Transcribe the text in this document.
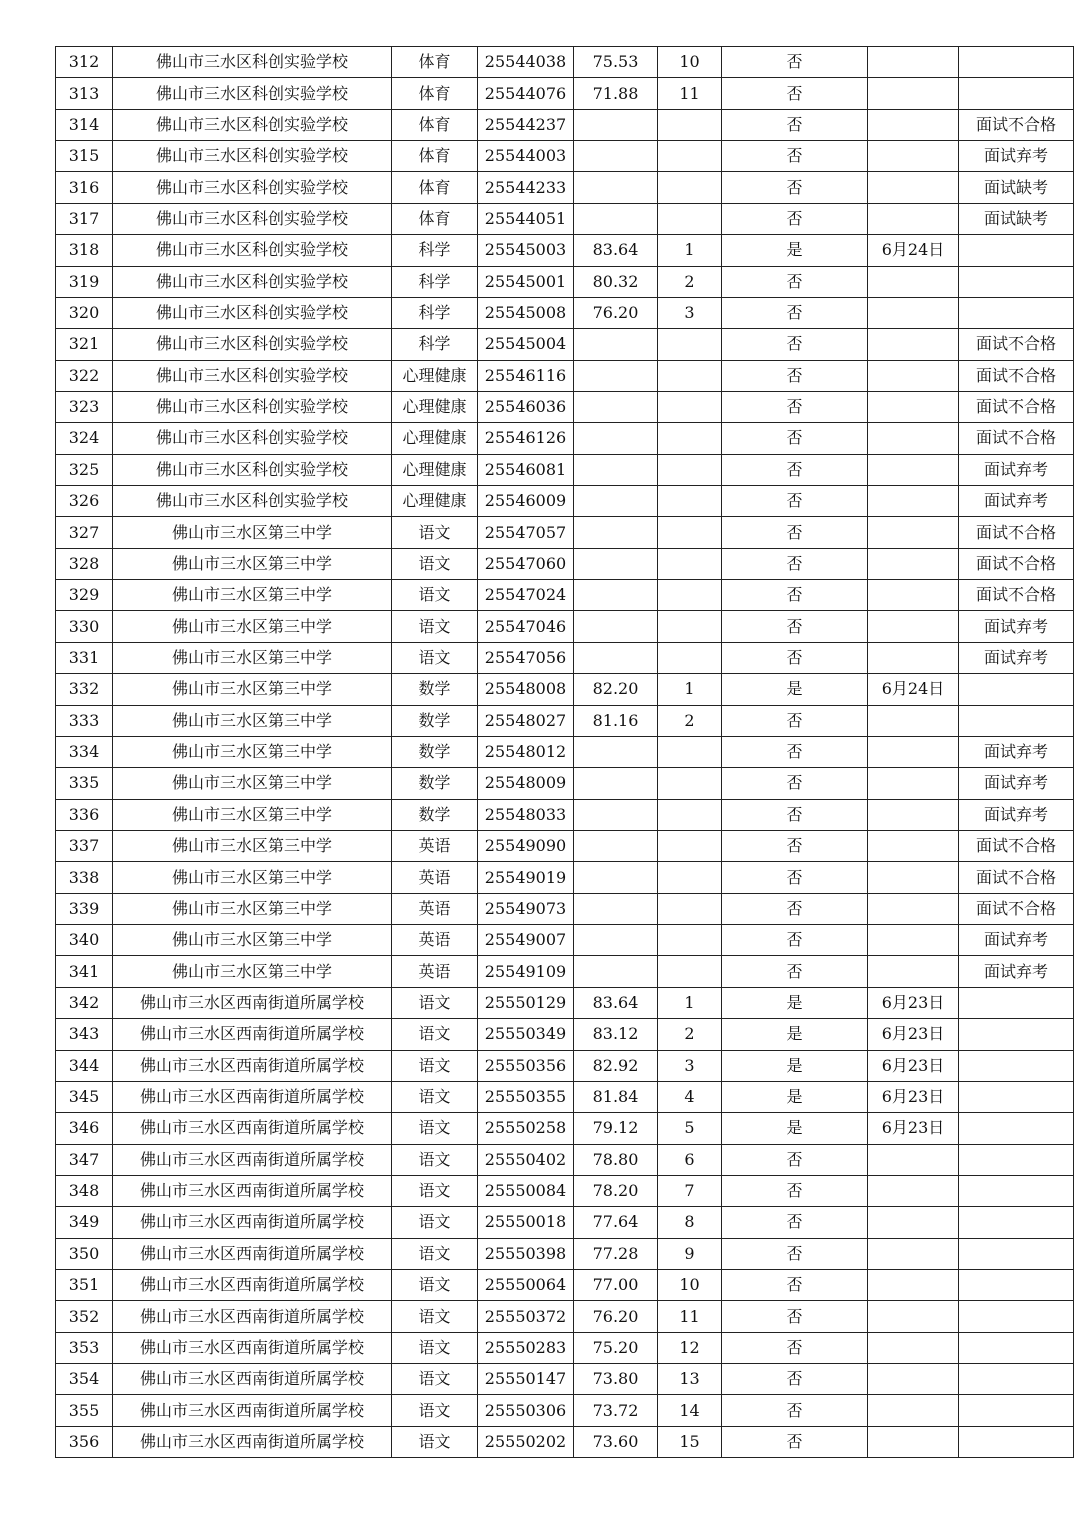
312	佛山市三水区科创实验学校	体育	25544038	75.53	10	否		
313	佛山市三水区科创实验学校	体育	25544076	71.88	11	否		
314	佛山市三水区科创实验学校	体育	25544237			否		面试不合格
315	佛山市三水区科创实验学校	体育	25544003			否		面试弃考
316	佛山市三水区科创实验学校	体育	25544233			否		面试缺考
317	佛山市三水区科创实验学校	体育	25544051			否		面试缺考
318	佛山市三水区科创实验学校	科学	25545003	83.64	1	是	6月24日	
319	佛山市三水区科创实验学校	科学	25545001	80.32	2	否		
320	佛山市三水区科创实验学校	科学	25545008	76.20	3	否		
321	佛山市三水区科创实验学校	科学	25545004			否		面试不合格
322	佛山市三水区科创实验学校	心理健康	25546116			否		面试不合格
323	佛山市三水区科创实验学校	心理健康	25546036			否		面试不合格
324	佛山市三水区科创实验学校	心理健康	25546126			否		面试不合格
325	佛山市三水区科创实验学校	心理健康	25546081			否		面试弃考
326	佛山市三水区科创实验学校	心理健康	25546009			否		面试弃考
327	佛山市三水区第三中学	语文	25547057			否		面试不合格
328	佛山市三水区第三中学	语文	25547060			否		面试不合格
329	佛山市三水区第三中学	语文	25547024			否		面试不合格
330	佛山市三水区第三中学	语文	25547046			否		面试弃考
331	佛山市三水区第三中学	语文	25547056			否		面试弃考
332	佛山市三水区第三中学	数学	25548008	82.20	1	是	6月24日	
333	佛山市三水区第三中学	数学	25548027	81.16	2	否		
334	佛山市三水区第三中学	数学	25548012			否		面试弃考
335	佛山市三水区第三中学	数学	25548009			否		面试弃考
336	佛山市三水区第三中学	数学	25548033			否		面试弃考
337	佛山市三水区第三中学	英语	25549090			否		面试不合格
338	佛山市三水区第三中学	英语	25549019			否		面试不合格
339	佛山市三水区第三中学	英语	25549073			否		面试不合格
340	佛山市三水区第三中学	英语	25549007			否		面试弃考
341	佛山市三水区第三中学	英语	25549109			否		面试弃考
342	佛山市三水区西南街道所属学校	语文	25550129	83.64	1	是	6月23日	
343	佛山市三水区西南街道所属学校	语文	25550349	83.12	2	是	6月23日	
344	佛山市三水区西南街道所属学校	语文	25550356	82.92	3	是	6月23日	
345	佛山市三水区西南街道所属学校	语文	25550355	81.84	4	是	6月23日	
346	佛山市三水区西南街道所属学校	语文	25550258	79.12	5	是	6月23日	
347	佛山市三水区西南街道所属学校	语文	25550402	78.80	6	否		
348	佛山市三水区西南街道所属学校	语文	25550084	78.20	7	否		
349	佛山市三水区西南街道所属学校	语文	25550018	77.64	8	否		
350	佛山市三水区西南街道所属学校	语文	25550398	77.28	9	否		
351	佛山市三水区西南街道所属学校	语文	25550064	77.00	10	否		
352	佛山市三水区西南街道所属学校	语文	25550372	76.20	11	否		
353	佛山市三水区西南街道所属学校	语文	25550283	75.20	12	否		
354	佛山市三水区西南街道所属学校	语文	25550147	73.80	13	否		
355	佛山市三水区西南街道所属学校	语文	25550306	73.72	14	否		
356	佛山市三水区西南街道所属学校	语文	25550202	73.60	15	否		
